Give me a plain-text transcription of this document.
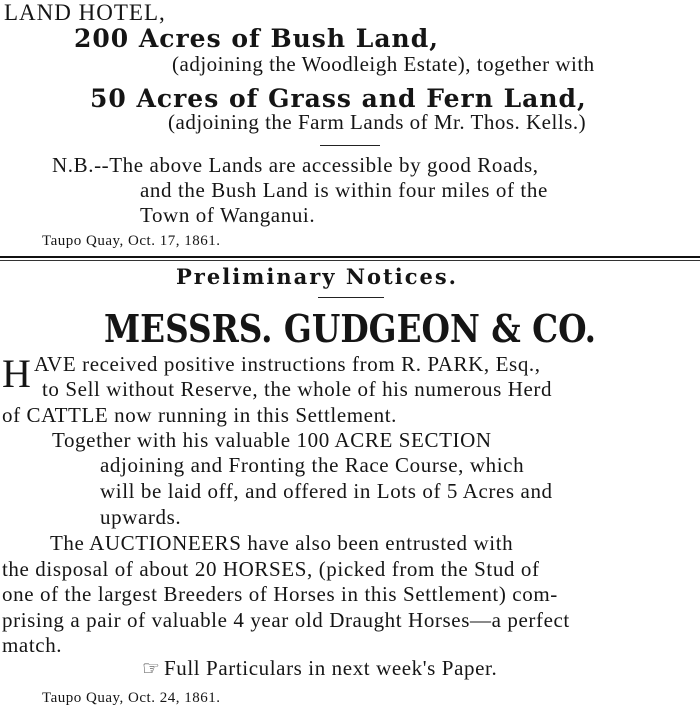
LAND HOTEL,
200 Acres of Bush Land,
(adjoining the Woodleigh Estate), together with
50 Acres of Grass and Fern Land,
(adjoining the Farm Lands of Mr. Thos. Kells.)
N.B.--The above Lands are accessible by good Roads,
and the Bush Land is within four miles of the
Town of Wanganui.
Taupo Quay, Oct. 17, 1861.
Preliminary Notices.
MESSRS. GUDGEON & CO.
H AVE received positive instructions from R. PARK, Esq.,
to Sell without Reserve, the whole of his numerous Herd
of CATTLE now running in this Settlement.
Together with his valuable 100 ACRE SECTION
adjoining and Fronting the Race Course, which
will be laid off, and offered in Lots of 5 Acres and
upwards.
The AUCTIONEERS have also been entrusted with
the disposal of about 20 HORSES, (picked from the Stud of
one of the largest Breeders of Horses in this Settlement) com-
prising a pair of valuable 4 year old Draught Horses—a perfect
match.
☞ Full Particulars in next week's Paper.
Taupo Quay, Oct. 24, 1861.
